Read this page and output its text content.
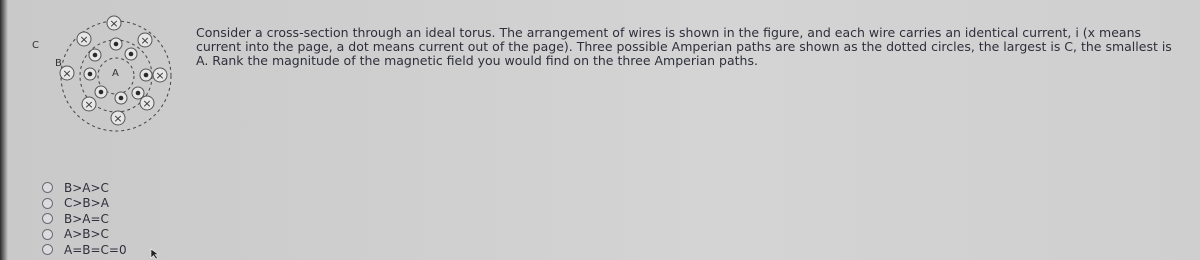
×
×	×
×	×
×	×
×
C
B
A
Consider a cross-section through an ideal torus. The arrangement of wires is shown in the figure, and each wire carries an identical current, i (x means current into the page, a dot means current out of the page). Three possible Amperian paths are shown as the dotted circles, the largest is C, the smallest is A. Rank the magnitude of the magnetic field you would find on the three Amperian paths.
B>A>C
C>B>A
B>A=C
A>B>C
A=B=C=0
